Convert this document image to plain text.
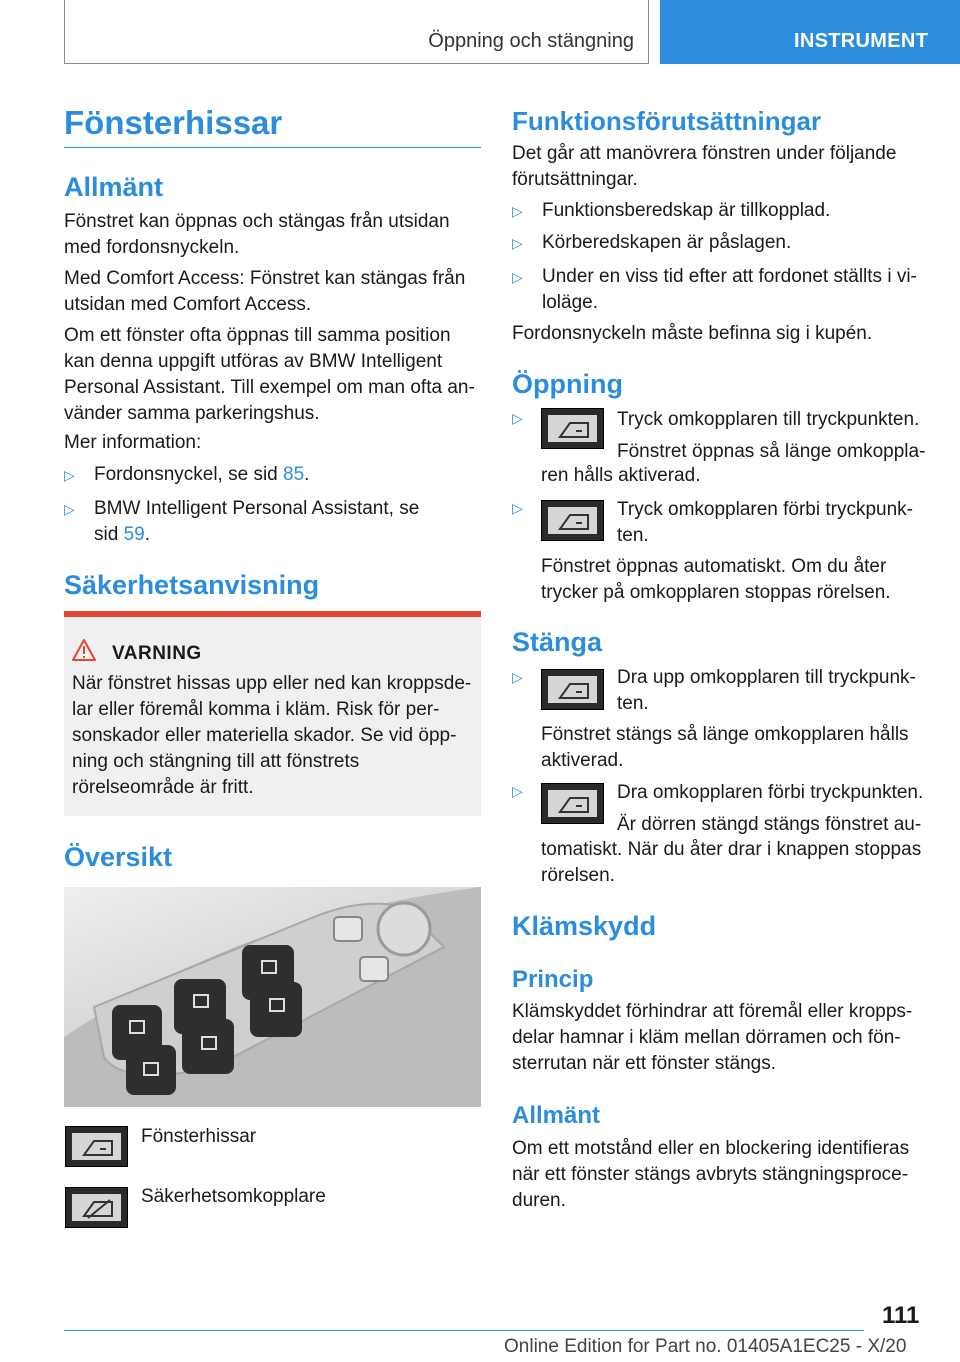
Öppning och stängning	INSTRUMENT
Fönsterhissar
Allmänt
Fönstret kan öppnas och stängas från utsidan
med fordonsnyckeln.
Med Comfort Access: Fönstret kan stängas från
utsidan med Comfort Access.
Om ett fönster ofta öppnas till samma position
kan denna uppgift utföras av BMW Intelligent
Personal Assistant. Till exempel om man ofta an-
vänder samma parkeringshus.
Mer information:
▷ Fordonsnyckel, se sid 85.
▷ BMW Intelligent Personal Assistant, se
sid 59.
Säkerhetsanvisning
VARNING
När fönstret hissas upp eller ned kan kroppsde-
lar eller föremål komma i kläm. Risk för per-
sonskador eller materiella skador. Se vid öpp-
ning och stängning till att fönstrets
rörelseområde är fritt.
Översikt
Fönsterhissar
Säkerhetsomkopplare
Funktionsförutsättningar
Det går att manövrera fönstren under följande
förutsättningar.
▷ Funktionsberedskap är tillkopplad.
▷ Körberedskapen är påslagen.
▷ Under en viss tid efter att fordonet ställts i vi-
loläge.
Fordonsnyckeln måste befinna sig i kupén.
Öppning
▷	Tryck omkopplaren till tryckpunkten.
Fönstret öppnas så länge omkoppla-
ren hålls aktiverad.
▷	Tryck omkopplaren förbi tryckpunk-
ten.
Fönstret öppnas automatiskt. Om du åter
trycker på omkopplaren stoppas rörelsen.
Stänga
▷	Dra upp omkopplaren till tryckpunk-
ten.
Fönstret stängs så länge omkopplaren hålls
aktiverad.
▷	Dra omkopplaren förbi tryckpunkten.
Är dörren stängd stängs fönstret au-
tomatiskt. När du åter drar i knappen stoppas
rörelsen.
Klämskydd
Princip
Klämskyddet förhindrar att föremål eller kropps-
delar hamnar i kläm mellan dörramen och fön-
sterrutan när ett fönster stängs.
Allmänt
Om ett motstånd eller en blockering identifieras
när ett fönster stängs avbryts stängningsproce-
duren.
111
Online Edition for Part no. 01405A1EC25 - X/20
